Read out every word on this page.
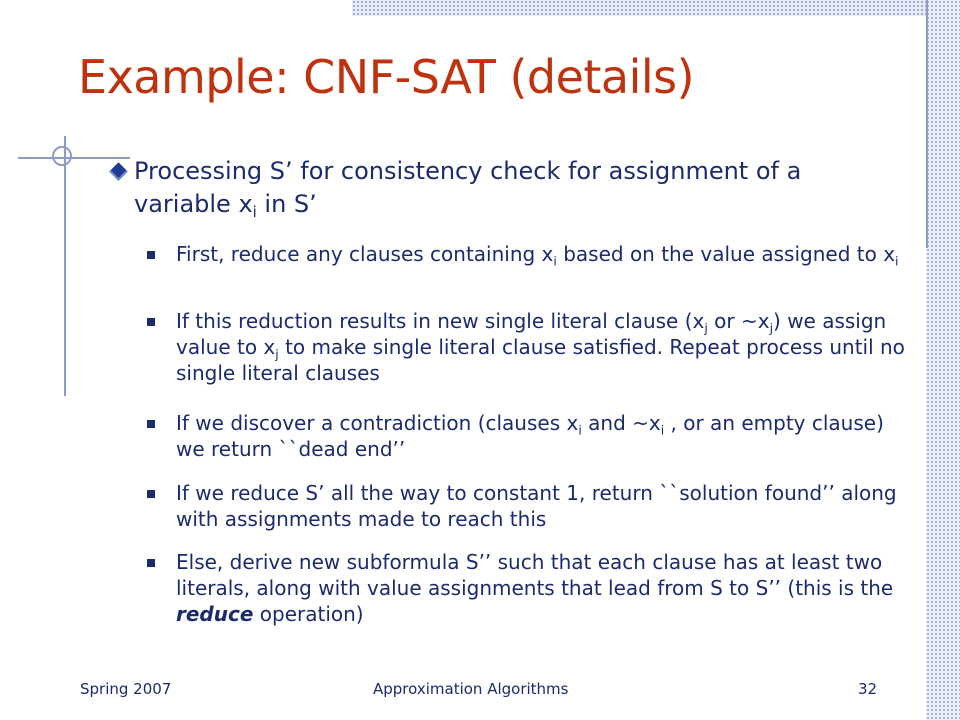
Example: CNF-SAT (details)
Processing S’ for consistency check for assignment of a variable $x_i$ in S’
First, reduce any clauses containing $x_i$ based on the value assigned to $x_i$
If this reduction results in new single literal clause ($x_j$ or $\sim x_j$) we assign value to $x_j$ to make single literal clause satisfied. Repeat process until no single literal clauses
If we discover a contradiction (clauses $x_i$ and $\sim x_i$ , or an empty clause) we return ``dead end’’
If we reduce S’ all the way to constant 1, return ``solution found’’ along with assignments made to reach this
Else, derive new subformula S’’ such that each clause has at least two literals, along with value assignments that lead from S to S’’ (this is the reduce operation)
Spring 2007	Approximation Algorithms	32
